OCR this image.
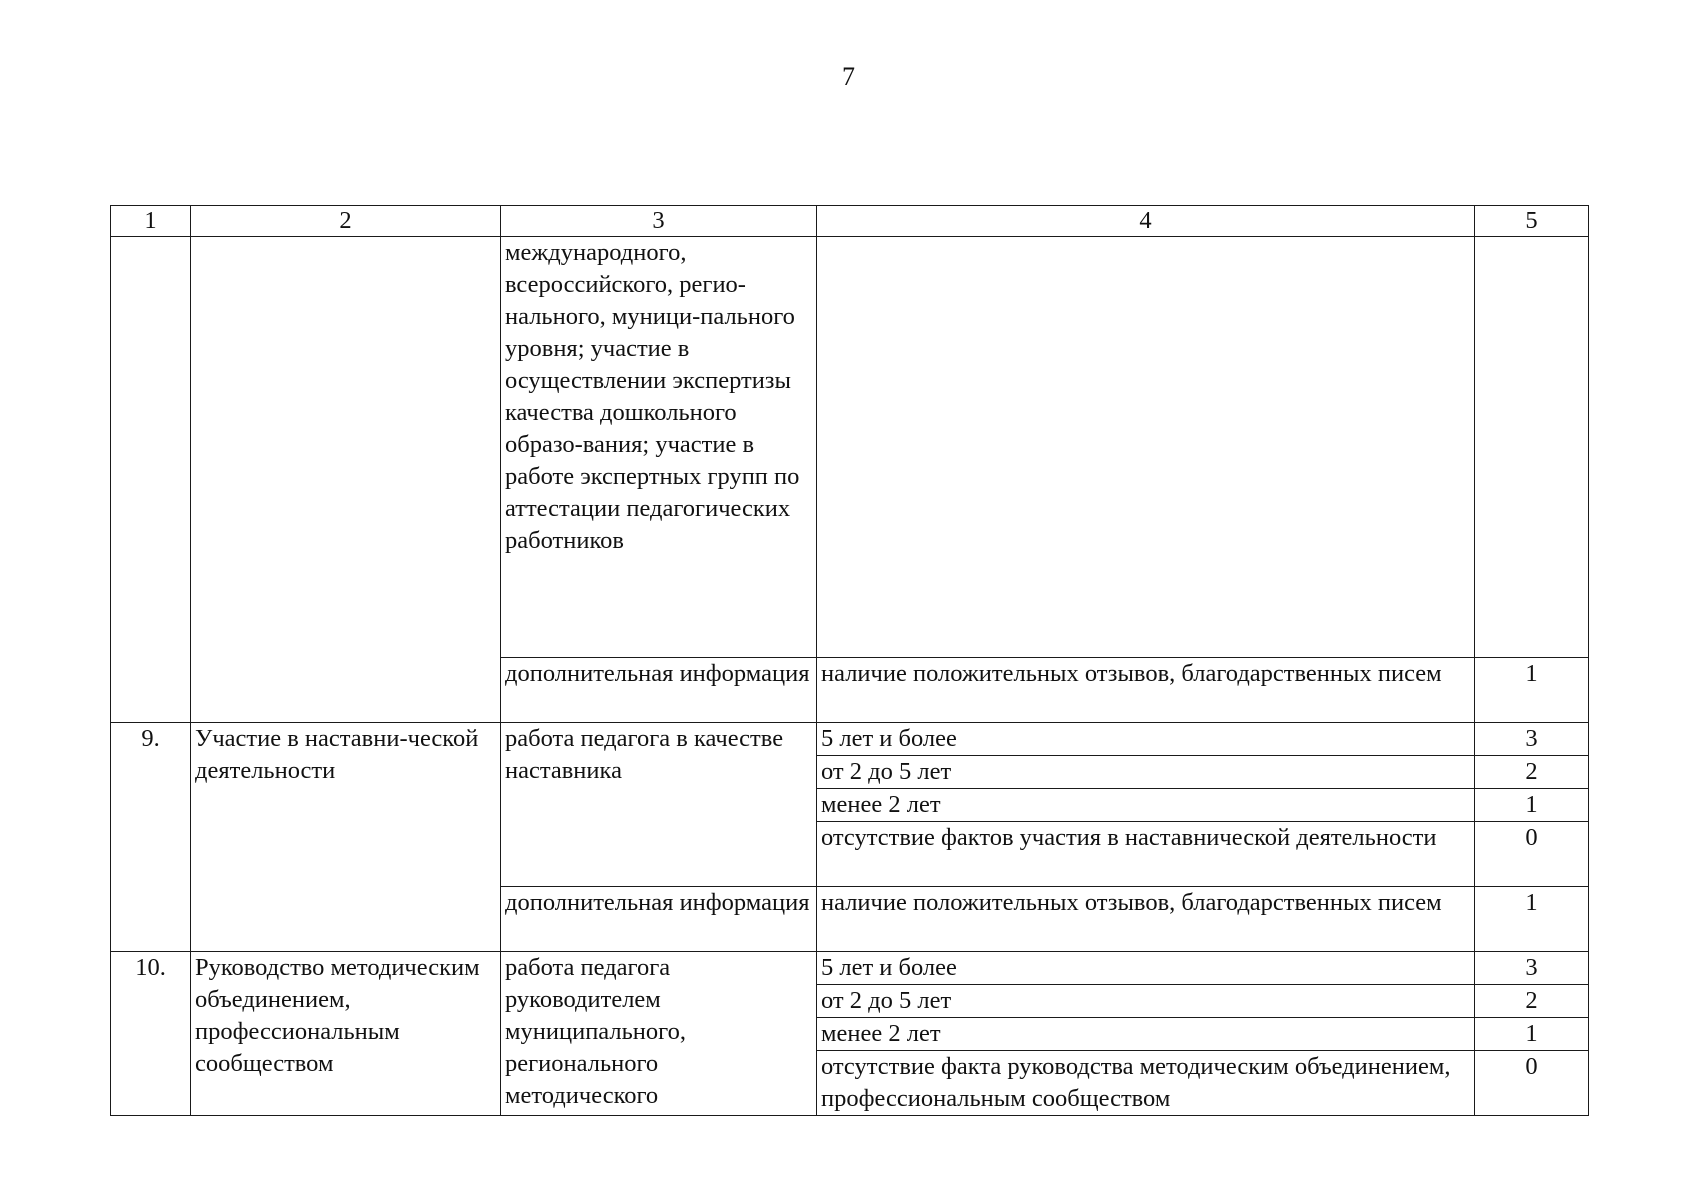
7
1	2	3	4	5
		международного, всероссийского, регио-нального, муници-пального уровня; участие в осуществлении экспертизы качества дошкольного образо-вания; участие в работе экспертных групп по аттестации педагогических работников		
		дополнительная информация	наличие положительных отзывов, благодарственных писем	1
9.	Участие в наставни-ческой деятельности	работа педагога в качестве наставника	5 лет и более	3
			от 2 до 5 лет	2
			менее 2 лет	1
			отсутствие фактов участия в наставнической деятельности	0
		дополнительная информация	наличие положительных отзывов, благодарственных писем	1
10.	Руководство методическим объединением, профессиональным сообществом	работа педагога руководителем муниципального, регионального методического	5 лет и более	3
			от 2 до 5 лет	2
			менее 2 лет	1
			отсутствие факта руководства методическим объединением, профессиональным сообществом	0
